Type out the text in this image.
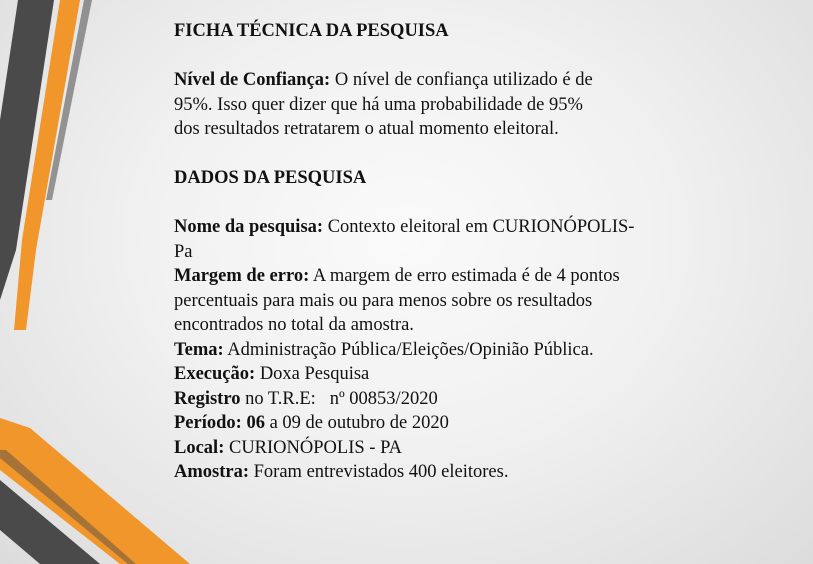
FICHA TÉCNICA DA PESQUISA

Nível de Confiança: O nível de confiança utilizado é de

95%. Isso quer dizer que há uma probabilidade de 95%

dos resultados retratarem o atual momento eleitoral.

DADOS DA PESQUISA

Nome da pesquisa: Contexto eleitoral em CURIONÓPOLIS-

Pa

Margem de erro: A margem de erro estimada é de 4 pontos

percentuais para mais ou para menos sobre os resultados

encontrados no total da amostra.

Tema: Administração Pública/Eleições/Opinião Pública.

Execução: Doxa Pesquisa

Registro no T.R.E:   nº 00853/2020

Período: 06 a 09 de outubro de 2020

Local: CURIONÓPOLIS - PA

Amostra: Foram entrevistados 400 eleitores.
